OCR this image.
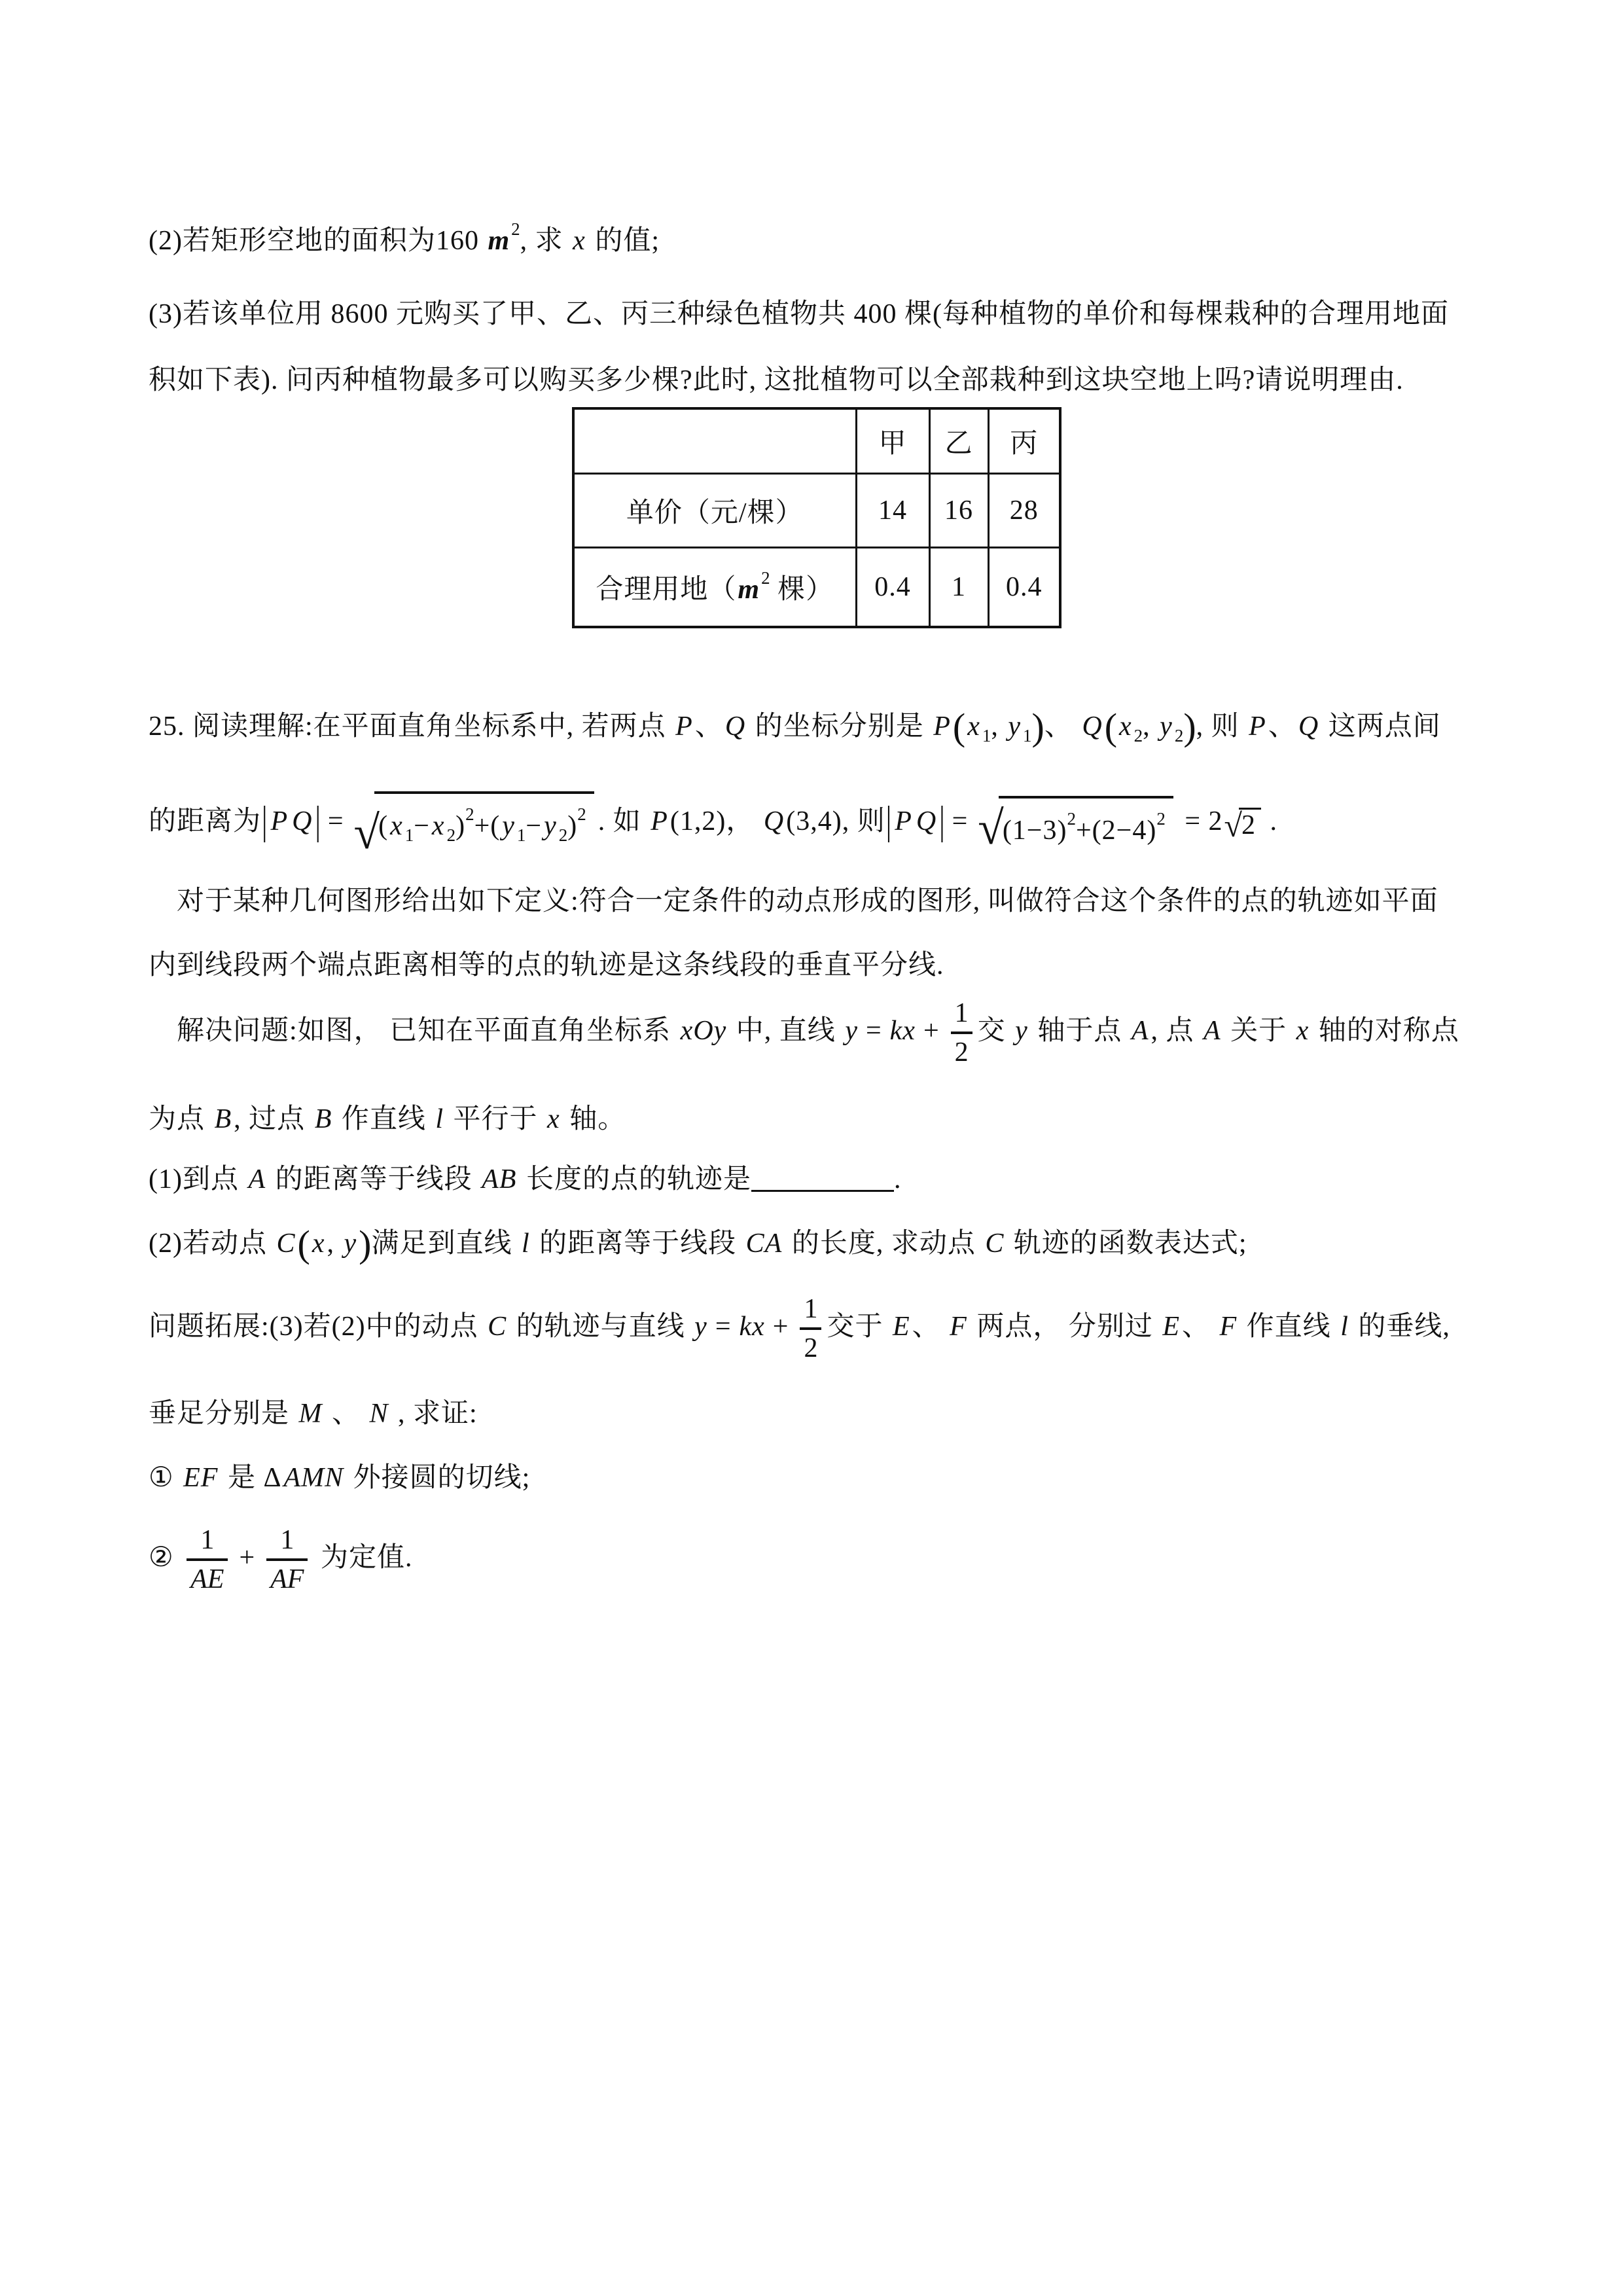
(2)若矩形空地的面积为160 $m^2$, 求 x 的值;
(3)若该单位用 8600 元购买了甲、乙、丙三种绿色植物共 400 棵(每种植物的单价和每棵栽种的合理用地面
积如下表). 问丙种植物最多可以购买多少棵?此时, 这批植物可以全部栽种到这块空地上吗?请说明理由.
	甲	乙	丙
单价（元/棵）	14	16	28
合理用地（$m^2$ 棵）	0.4	1	0.4
25. 阅读理解:在平面直角坐标系中, 若两点 P、Q 的坐标分别是 P(x $_1$, y $_1$)、 Q(x $_2$, y $_2$), 则 P、Q 这两点间
的距离为|P Q| = √
(x $_1$−x $_2$)$^2$+(y $_1$−y $_2$)$^2$ . 如 P(1,2)， Q(3,4), 则|P Q| = √
$(1-3)^2+(2-4)^2 = 2$ √ 2 .
　对于某种几何图形给出如下定义:符合一定条件的动点形成的图形, 叫做符合这个条件的点的轨迹如平面
内到线段两个端点距离相等的点的轨迹是这条线段的垂直平分线.
　解决问题:如图， 已知在平面直角坐标系 xOy 中, 直线 y = kx + $\frac{1}{2}$ 交 y 轴于点 A, 点 A 关于 x 轴的对称点
为点 B, 过点 B 作直线 l 平行于 x 轴。
(1)到点 A 的距离等于线段 AB 长度的点的轨迹是	.
(2)若动点 C(x, y)满足到直线 l 的距离等于线段 CA 的长度, 求动点 C 轨迹的函数表达式;
问题拓展:(3)若(2)中的动点 C 的轨迹与直线 y = kx + $\frac{1}{2}$ 交于 E、 F 两点， 分别过 E、 F 作直线 l 的垂线,
垂足分别是 M 、 N , 求证:
① EF 是 ΔAMN 外接圆的切线;
② $\frac{1}{AE} + \frac{1}{AF}$ 为定值.
